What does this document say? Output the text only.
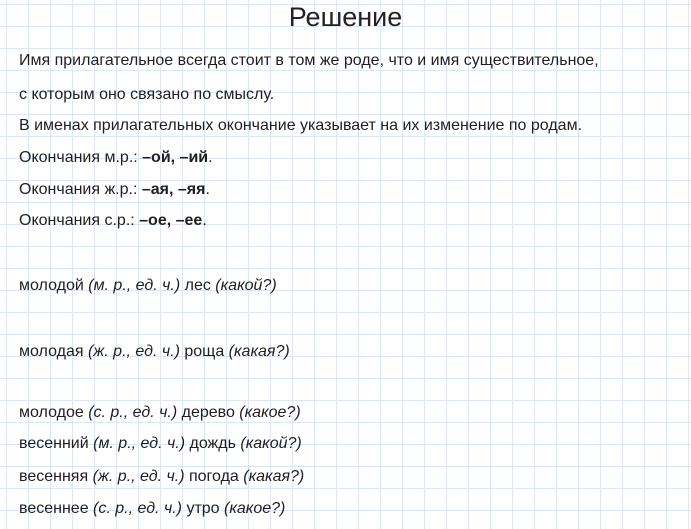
Решение
Имя прилагательное всегда стоит в том же роде, что и имя существительное,
с которым оно связано по смыслу.
В именах прилагательных окончание указывает на их изменение по родам.
Окончания м.р.: –ой, –ий.
Окончания ж.р.: –ая, –яя.
Окончания с.р.: –ое, –ее.
молодой (м. р., ед. ч.) лес (какой?)
молодая (ж. р., ед. ч.) роща (какая?)
молодое (с. р., ед. ч.) дерево (какое?)
весенний (м. р., ед. ч.) дождь (какой?)
весенняя (ж. р., ед. ч.) погода (какая?)
весеннее (с. р., ед. ч.) утро (какое?)
